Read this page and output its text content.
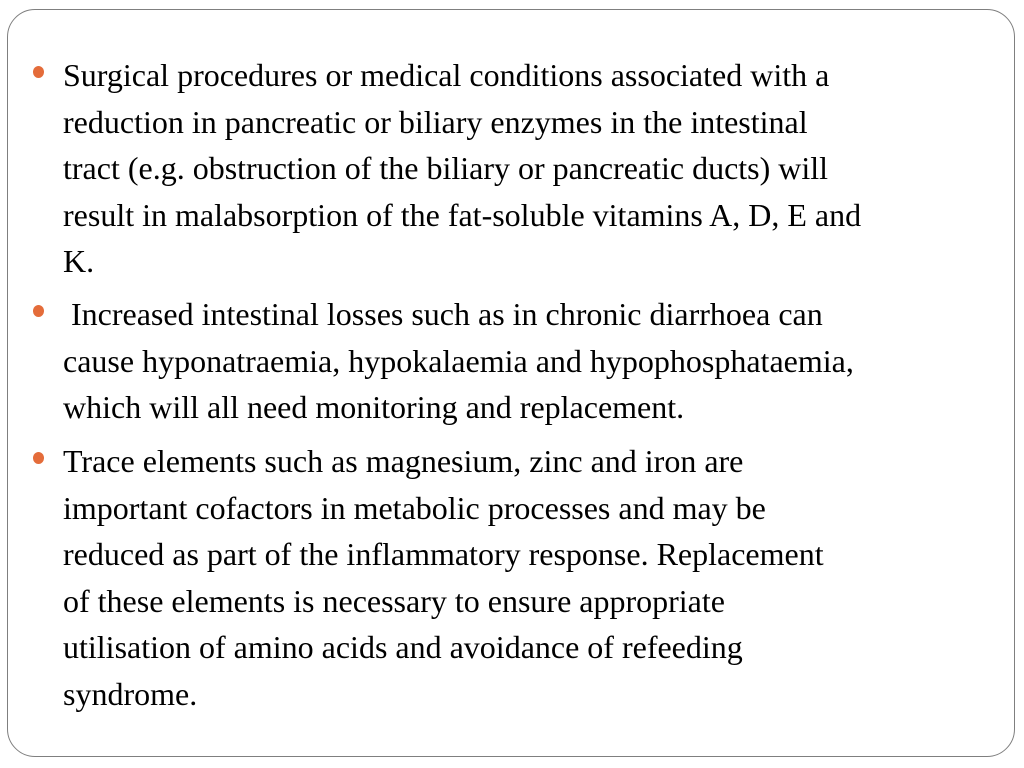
Surgical procedures or medical conditions associated with a
reduction in pancreatic or biliary enzymes in the intestinal
tract (e.g. obstruction of the biliary or pancreatic ducts) will
result in malabsorption of the fat-soluble vitamins A, D, E and
K.

Increased intestinal losses such as in chronic diarrhoea can
cause hyponatraemia, hypokalaemia and hypophosphataemia,
which will all need monitoring and replacement.

Trace elements such as magnesium, zinc and iron are
important cofactors in metabolic processes and may be
reduced as part of the inflammatory response. Replacement
of these elements is necessary to ensure appropriate
utilisation of amino acids and avoidance of refeeding
syndrome.
